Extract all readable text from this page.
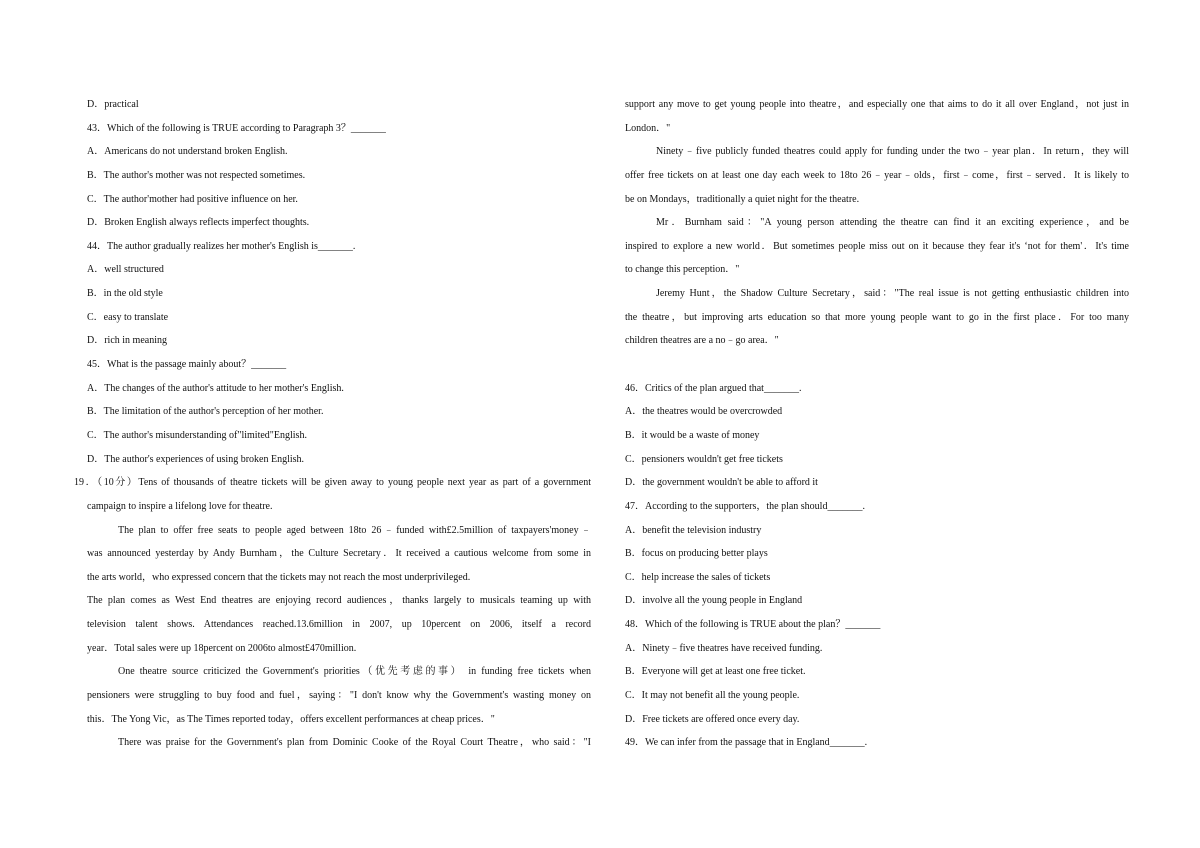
D．practical
43．Which of the following is TRUE according to Paragraph 3？_______
A．Americans do not understand broken English.
B．The author's mother was not respected sometimes.
C．The author'mother had positive influence on her.
D．Broken English always reflects imperfect thoughts.
44．The author gradually realizes her mother's English is_______.
A．well structured
B．in the old style
C．easy to translate
D．rich in meaning
45．What is the passage mainly about？_______
A．The changes of the author's attitude to her mother's English.
B．The limitation of the author's perception of her mother.
C．The author's misunderstanding of"limited"English.
D．The author's experiences of using broken English.
19．（10分）Tens of thousands of theatre tickets will be given away to young people next year as part of a government
campaign to inspire a lifelong love for theatre.
The plan to offer free seats to people aged between 18to 26﹣funded with£2.5million of taxpayers'money﹣
was announced yesterday by Andy Burnham，the Culture Secretary．It received a cautious welcome from some in
the arts world，who expressed concern that the tickets may not reach the most underprivileged.
The plan comes as West End theatres are enjoying record audiences，thanks largely to musicals teaming up with
television talent shows. Attendances reached.13.6million in 2007, up 10percent on 2006, itself a record
year．Total sales were up 18percent on 2006to almost£470million.
One theatre source criticized the Government's priorities（优先考虑的事） in funding free tickets when
pensioners were struggling to buy food and fuel，saying："I don't know why the Government's wasting money on
this．The Yong Vic，as The Times reported today，offers excellent performances at cheap prices．"
There was praise for the Government's plan from Dominic Cooke of the Royal Court Theatre，who said："I
support any move to get young people into theatre，and especially one that aims to do it all over England，not just in
London．"
Ninety﹣five publicly funded theatres could apply for funding under the two﹣year plan．In return，they will
offer free tickets on at least one day each week to 18to 26﹣year﹣olds，first﹣come，first﹣served．It is likely to
be on Mondays，traditionally a quiet night for the theatre.
Mr．Burnham said："A young person attending the theatre can find it an exciting experience，and be
inspired to explore a new world．But sometimes people miss out on it because they fear it's ‘not for them'．It's time
to change this perception．"
Jeremy Hunt，the Shadow Culture Secretary，said："The real issue is not getting enthusiastic children into
the theatre，but improving arts education so that more young people want to go in the first place．For too many
children theatres are a no﹣go area．"
46．Critics of the plan argued that_______.
A．the theatres would be overcrowded
B．it would be a waste of money
C．pensioners wouldn't get free tickets
D．the government wouldn't be able to afford it
47．According to the supporters，the plan should_______.
A．benefit the television industry
B．focus on producing better plays
C．help increase the sales of tickets
D．involve all the young people in England
48．Which of the following is TRUE about the plan？_______
A．Ninety﹣five theatres have received funding.
B．Everyone will get at least one free ticket.
C．It may not benefit all the young people.
D．Free tickets are offered once every day.
49．We can infer from the passage that in England_______.
